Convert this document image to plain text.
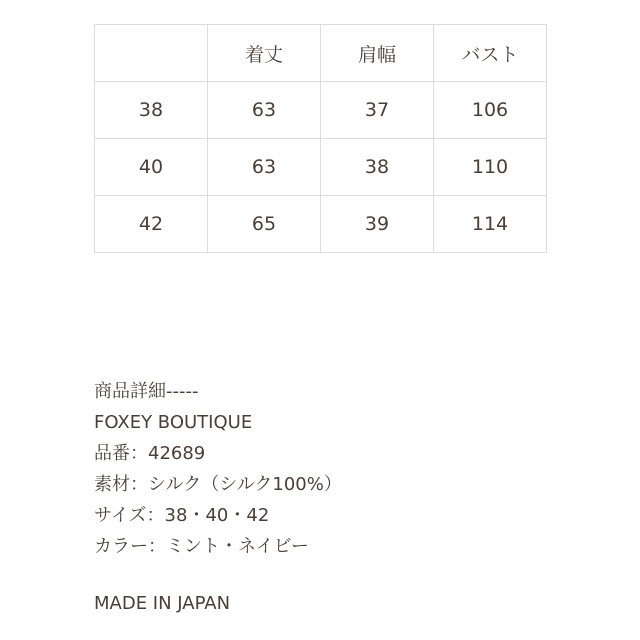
	着丈	肩幅	バスト
38	63	37	106
40	63	38	110
42	65	39	114
商品詳細-----
FOXEY BOUTIQUE
品番：42689
素材：シルク（シルク100%）
サイズ：38・40・42
カラー：ミント・ネイビー
MADE IN JAPAN
